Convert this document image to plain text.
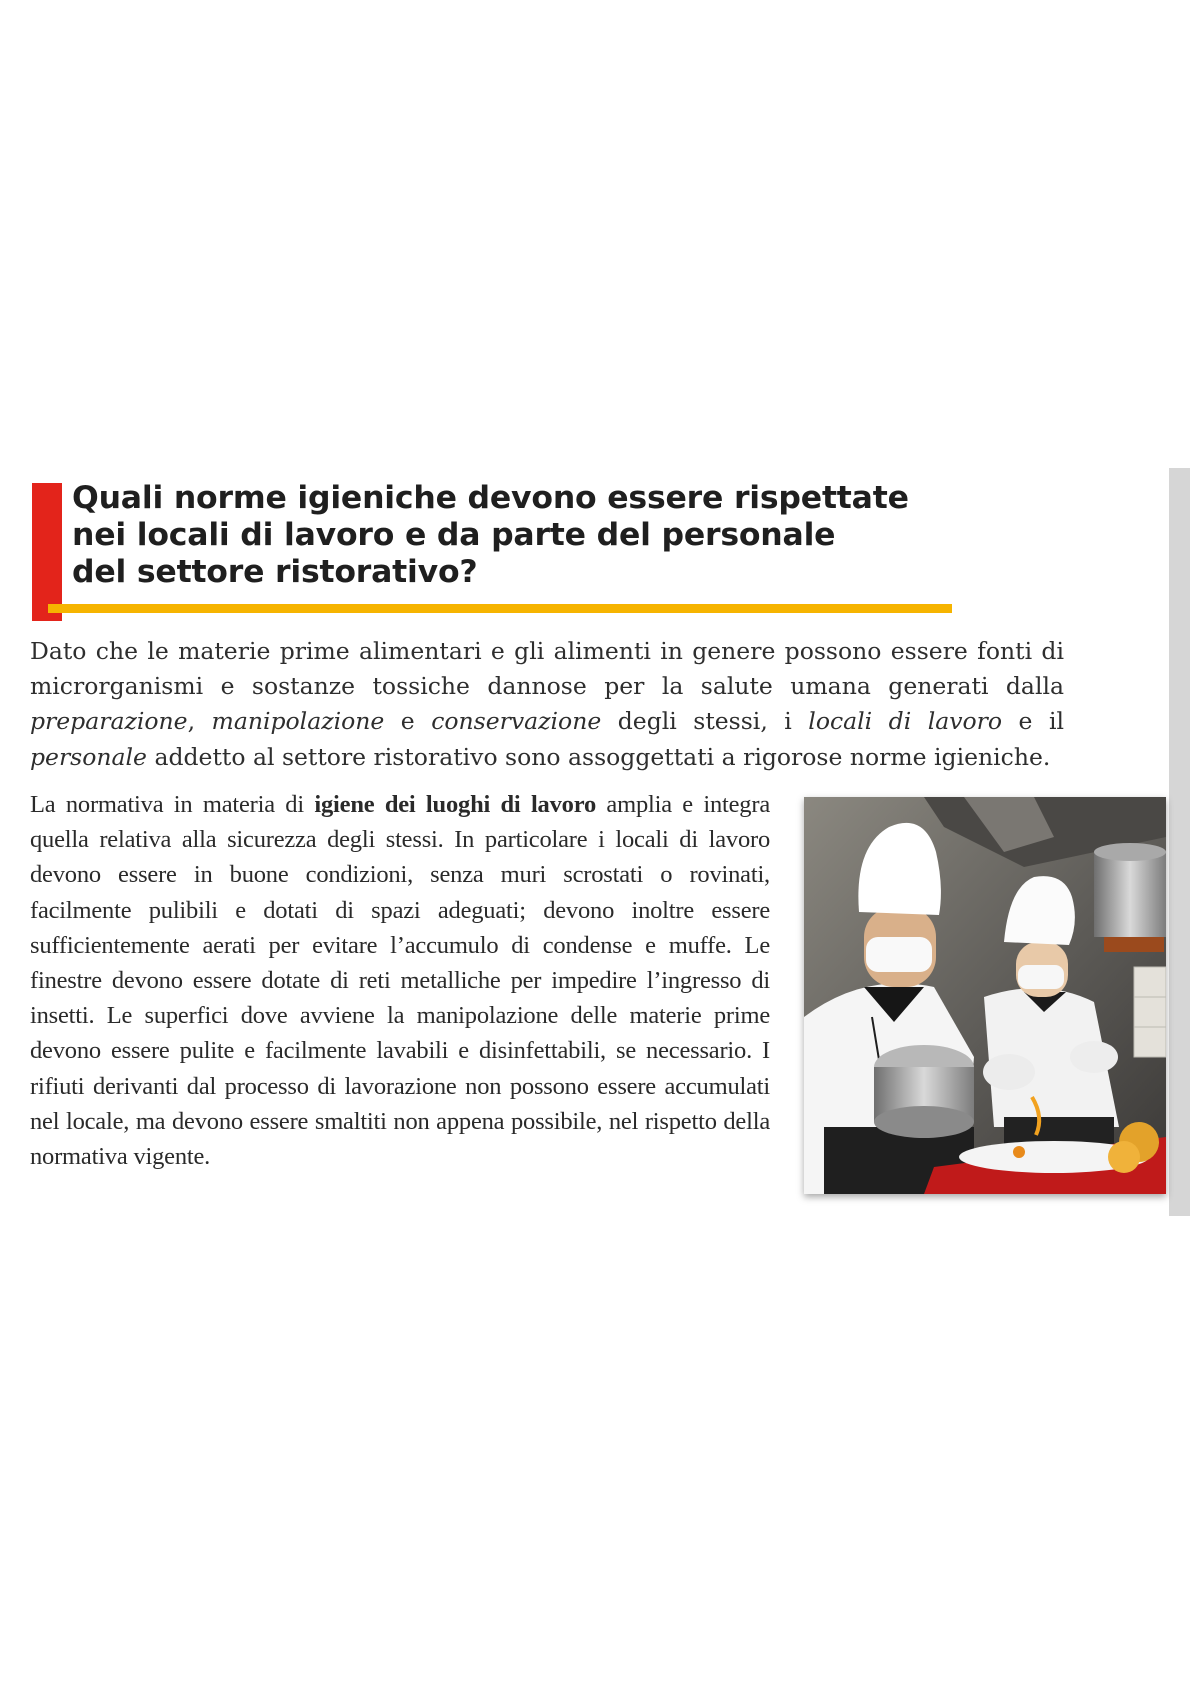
Quali norme igieniche devono essere rispettate
nei locali di lavoro e da parte del personale
del settore ristorativo?

Dato che le materie prime alimentari e gli alimenti in genere possono essere fonti di microrganismi e sostanze tossiche dannose per la salute umana generati dalla preparazione, manipolazione e conservazione degli stessi, i locali di lavoro e il personale addetto al settore ristorativo sono assoggettati a rigorose norme igieniche.

La normativa in materia di igiene dei luoghi di lavoro amplia e integra quella relativa alla sicurezza degli stessi. In particolare i locali di lavoro devono essere in buone condizioni, senza muri scrostati o rovinati, facilmente pulibili e dotati di spazi adeguati; devono inoltre essere sufficientemente aerati per evitare l’accumulo di condense e muffe. Le finestre devono essere dotate di reti metalliche per impedire l’ingresso di insetti. Le superfici dove avviene la manipolazione delle materie prime devono essere pulite e facilmente lavabili e disinfettabili, se necessario. I rifiuti derivanti dal processo di lavorazione non possono essere accumulati nel locale, ma devono essere smaltiti non appena possibile, nel rispetto della normativa vigente.
